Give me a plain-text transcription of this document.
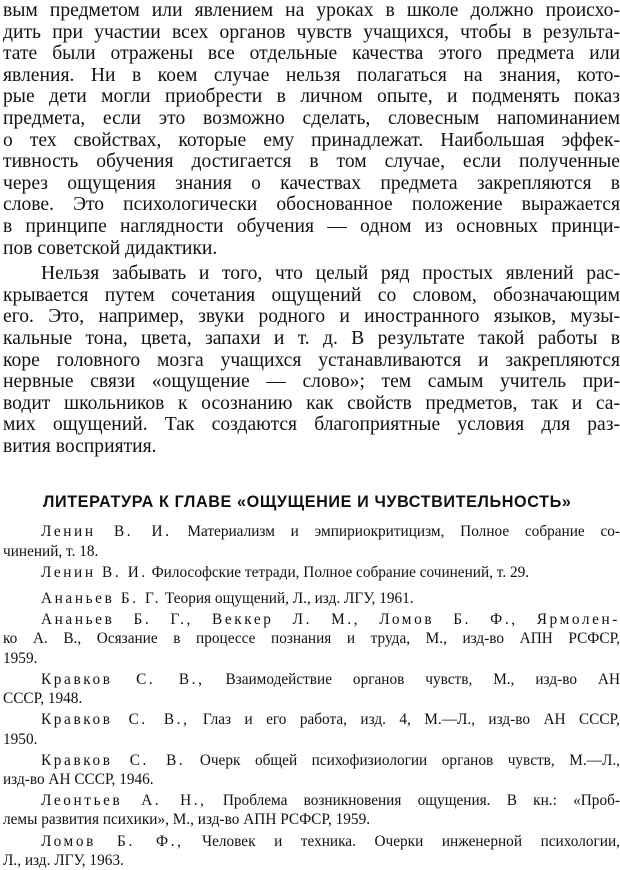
вым предметом или явлением на уроках в школе должно происхо-
дить при участии всех органов чувств учащихся, чтобы в результа-
тате были отражены все отдельные качества этого предмета или
явления. Ни в коем случае нельзя полагаться на знания, кото-
рые дети могли приобрести в личном опыте, и подменять показ
предмета, если это возможно сделать, словесным напоминанием
о тех свойствах, которые ему принадлежат. Наибольшая эффек-
тивность обучения достигается в том случае, если полученные
через ощущения знания о качествах предмета закрепляются в
слове. Это психологически обоснованное положение выражается
в принципе наглядности обучения — одном из основных принци-
пов советской дидактики.

Нельзя забывать и того, что целый ряд простых явлений рас-
крывается путем сочетания ощущений со словом, обозначающим
его. Это, например, звуки родного и иностранного языков, музы-
кальные тона, цвета, запахи и т. д. В результате такой работы в
коре головного мозга учащихся устанавливаются и закрепляются
нервные связи «ощущение — слово»; тем самым учитель при-
водит школьников к осознанию как свойств предметов, так и са-
мих ощущений. Так создаются благоприятные условия для раз-
вития восприятия.

ЛИТЕРАТУРА К ГЛАВЕ «ОЩУЩЕНИЕ И ЧУВСТВИТЕЛЬНОСТЬ»
Ленин В. И. Материализм и эмпириокритицизм, Полное собрание со-
чинений, т. 18.
Ленин В. И. Философские тетради, Полное собрание сочинений, т. 29.
Ананьев Б. Г. Теория ощущений, Л., изд. ЛГУ, 1961.
Ананьев Б. Г., Веккер Л. М., Ломов Б. Ф., Ярмолен-
ко А. В., Осязание в процессе познания и труда, М., изд-во АПН РСФСР,
1959.
Кравков С. В., Взаимодействие органов чувств, М., изд-во АН
СССР, 1948.
Кравков С. В., Глаз и его работа, изд. 4, М.—Л., изд-во АН СССР,
1950.
Кравков С. В. Очерк общей психофизиологии органов чувств, М.—Л.,
изд-во АН СССР, 1946.
Леонтьев А. Н., Проблема возникновения ощущения. В кн.: «Проб-
лемы развития психики», М., изд-во АПН РСФСР, 1959.
Ломов Б. Ф., Человек и техника. Очерки инженерной психологии,
Л., изд. ЛГУ, 1963.
